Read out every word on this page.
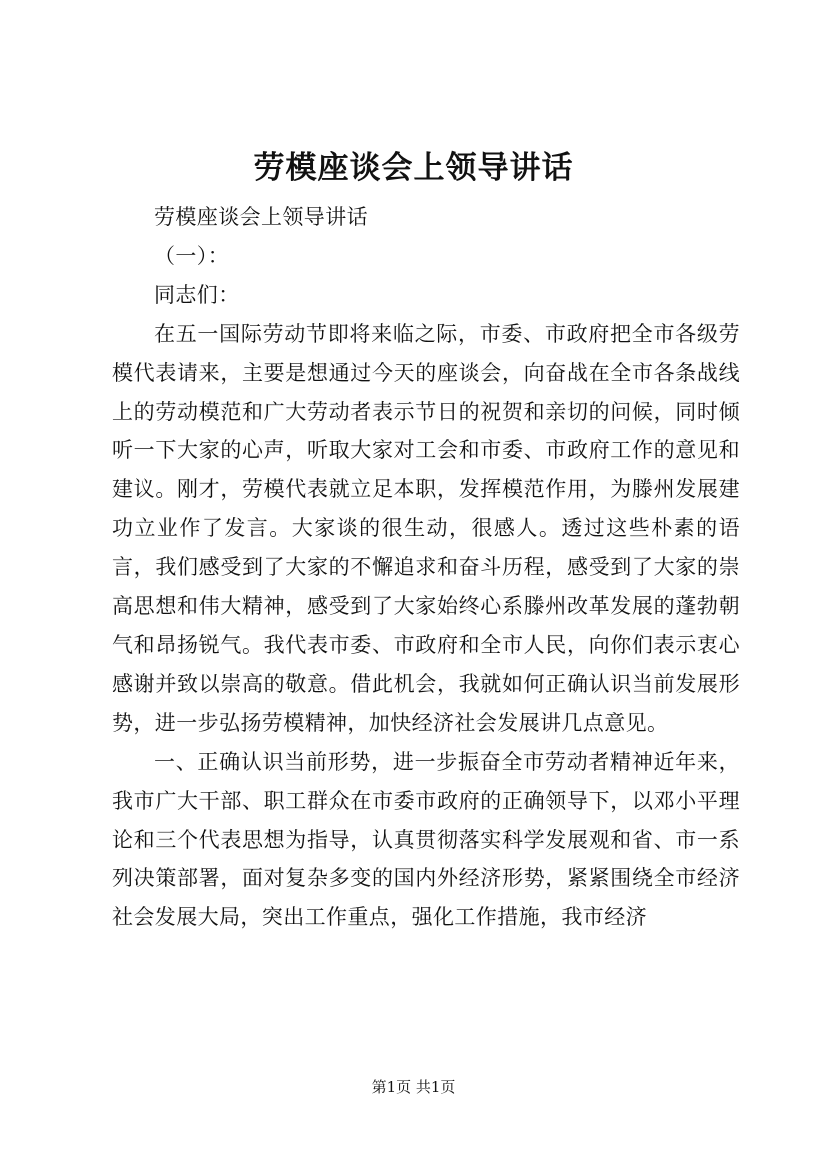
劳模座谈会上领导讲话

劳模座谈会上领导讲话

（一）：

同志们：

在五一国际劳动节即将来临之际，市委、市政府把全市各级劳模代表请来，主要是想通过今天的座谈会，向奋战在全市各条战线上的劳动模范和广大劳动者表示节日的祝贺和亲切的问候，同时倾听一下大家的心声，听取大家对工会和市委、市政府工作的意见和建议。刚才，劳模代表就立足本职，发挥模范作用，为滕州发展建功立业作了发言。大家谈的很生动，很感人。透过这些朴素的语言，我们感受到了大家的不懈追求和奋斗历程，感受到了大家的崇高思想和伟大精神，感受到了大家始终心系滕州改革发展的蓬勃朝气和昂扬锐气。我代表市委、市政府和全市人民，向你们表示衷心感谢并致以崇高的敬意。借此机会，我就如何正确认识当前发展形势，进一步弘扬劳模精神，加快经济社会发展讲几点意见。

一、正确认识当前形势，进一步振奋全市劳动者精神近年来，我市广大干部、职工群众在市委市政府的正确领导下，以邓小平理论和三个代表思想为指导，认真贯彻落实科学发展观和省、市一系列决策部署，面对复杂多变的国内外经济形势，紧紧围绕全市经济社会发展大局，突出工作重点，强化工作措施，我市经济

第1页 共1页
